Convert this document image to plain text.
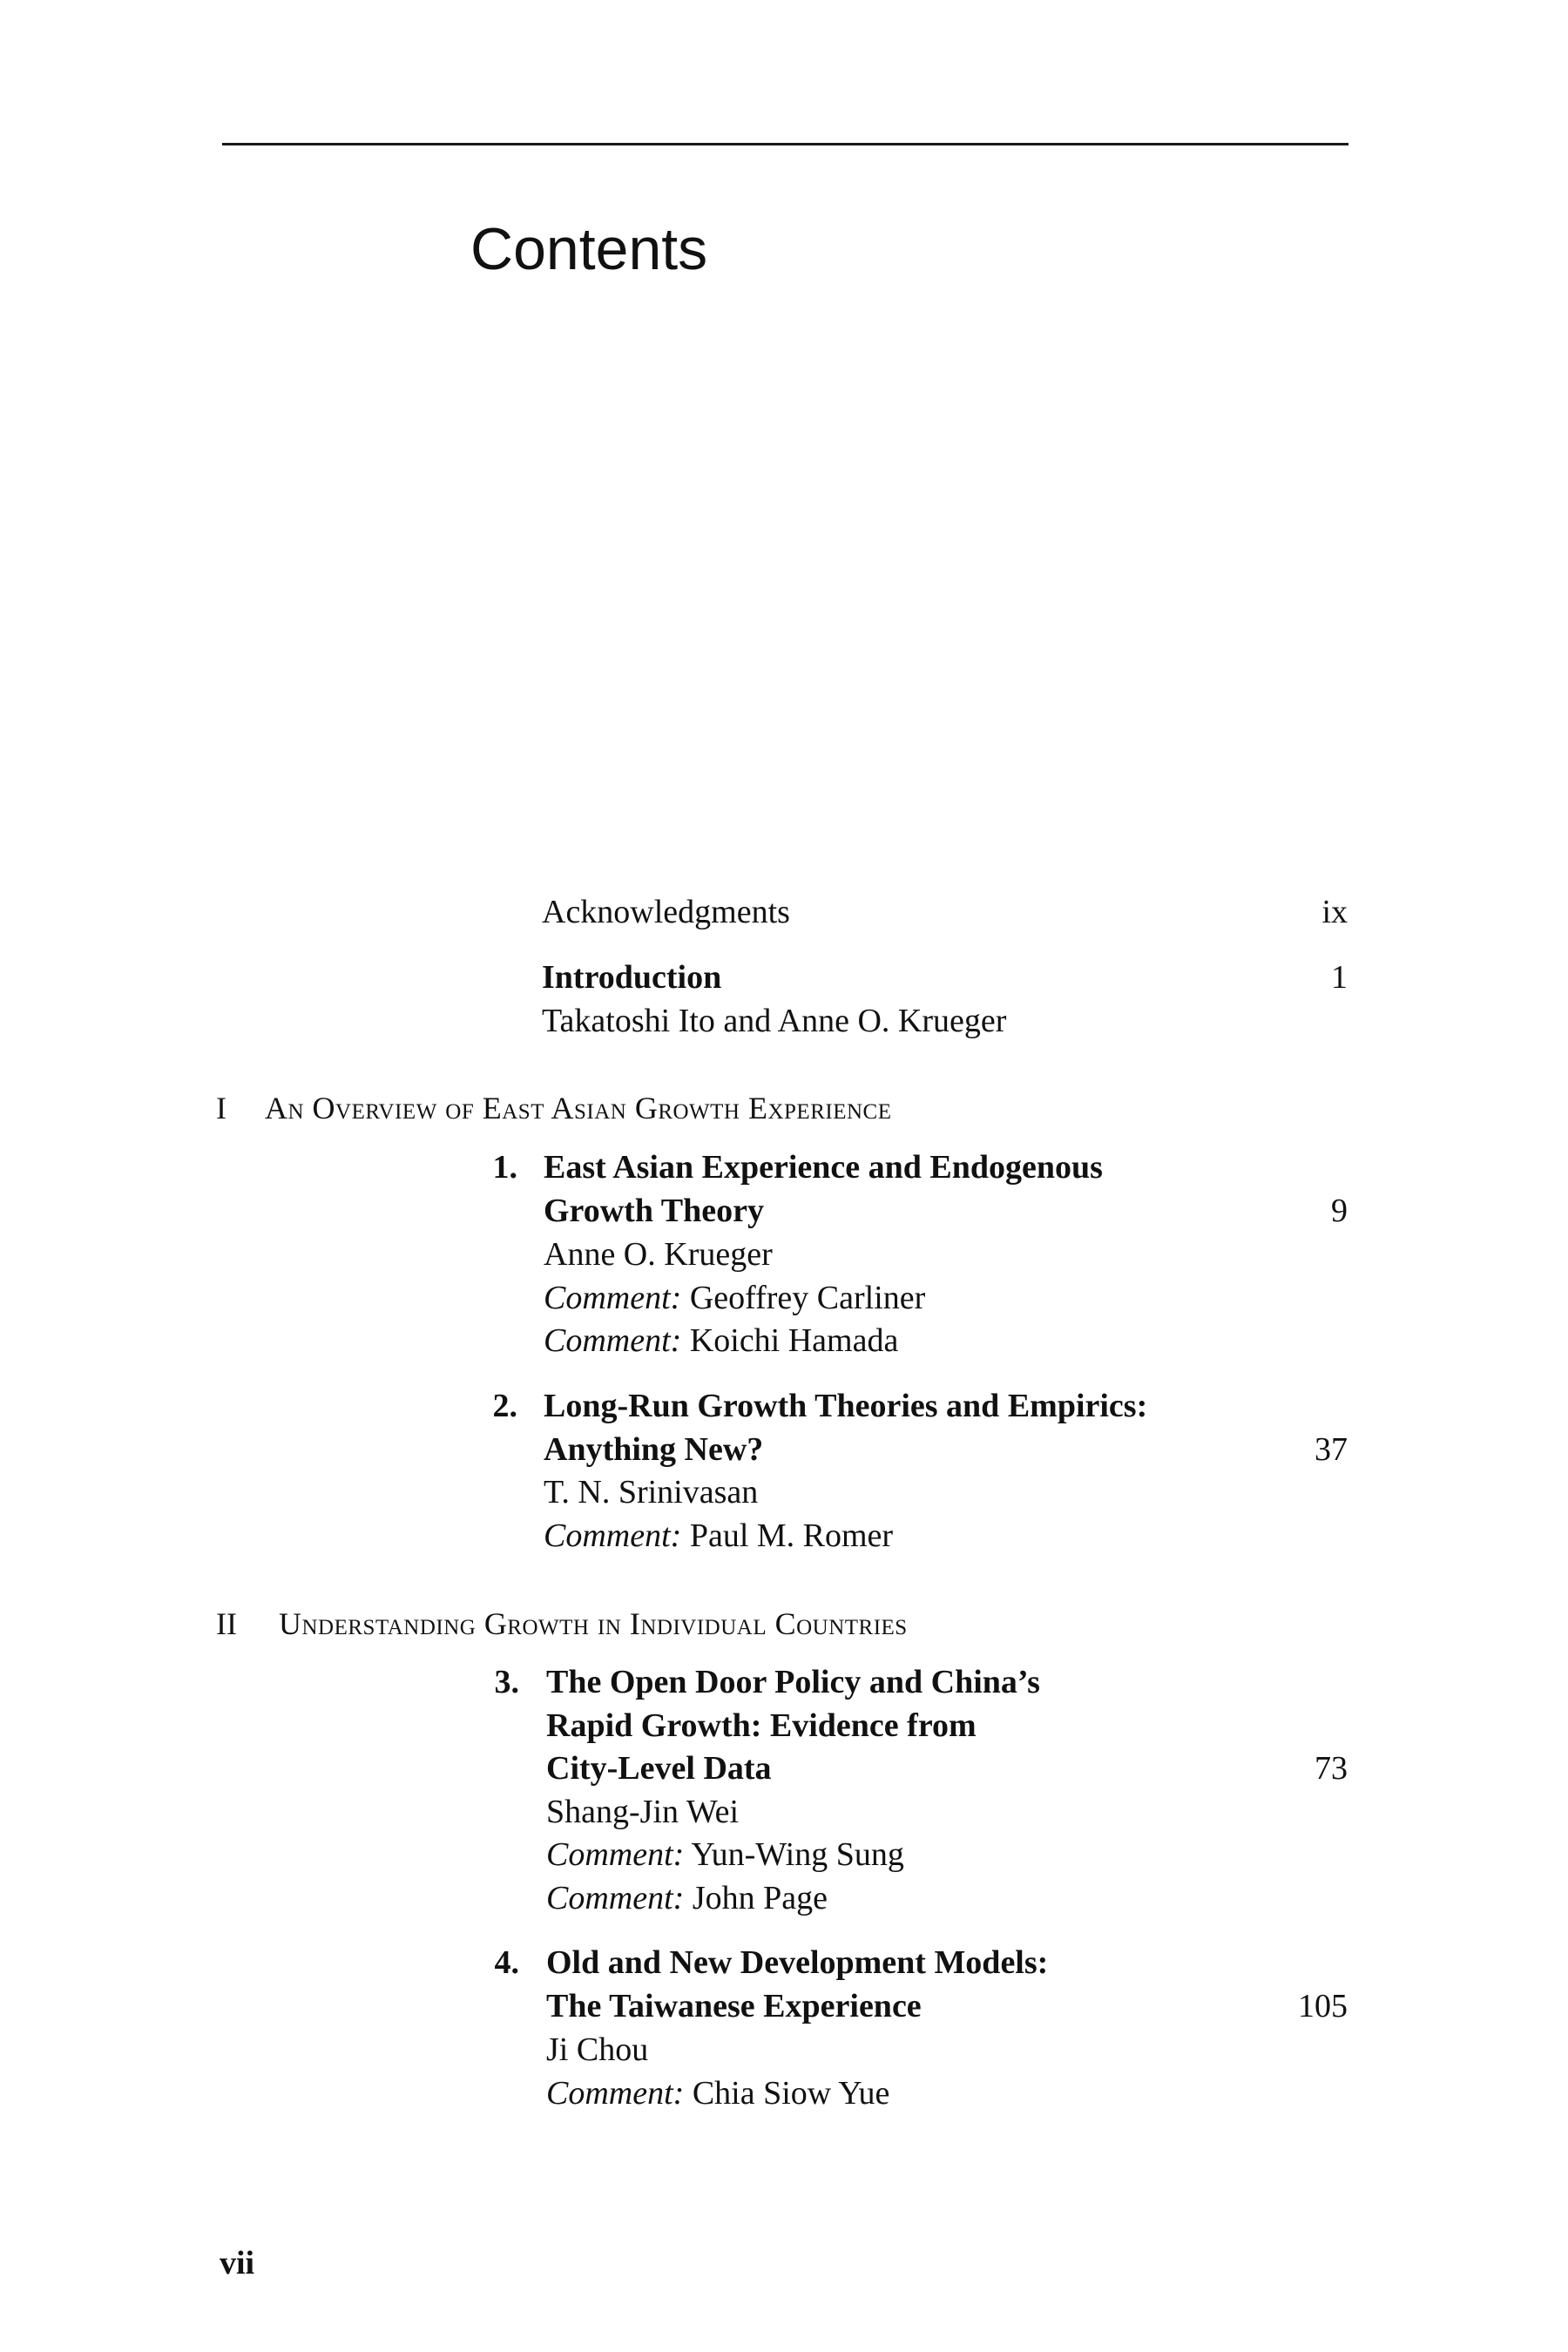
Contents
Acknowledgments	ix
Introduction	1
Takatoshi Ito and Anne O. Krueger
I An Overview of East Asian Growth Experience
1. East Asian Experience and Endogenous
Growth Theory	9
Anne O. Krueger
Comment: Geoffrey Carliner
Comment: Koichi Hamada
2. Long-Run Growth Theories and Empirics:
Anything New?	37
T. N. Srinivasan
Comment: Paul M. Romer
II Understanding Growth in Individual Countries
3. The Open Door Policy and China’s
Rapid Growth: Evidence from
City-Level Data	73
Shang-Jin Wei
Comment: Yun-Wing Sung
Comment: John Page
4. Old and New Development Models:
The Taiwanese Experience	105
Ji Chou
Comment: Chia Siow Yue
vii
